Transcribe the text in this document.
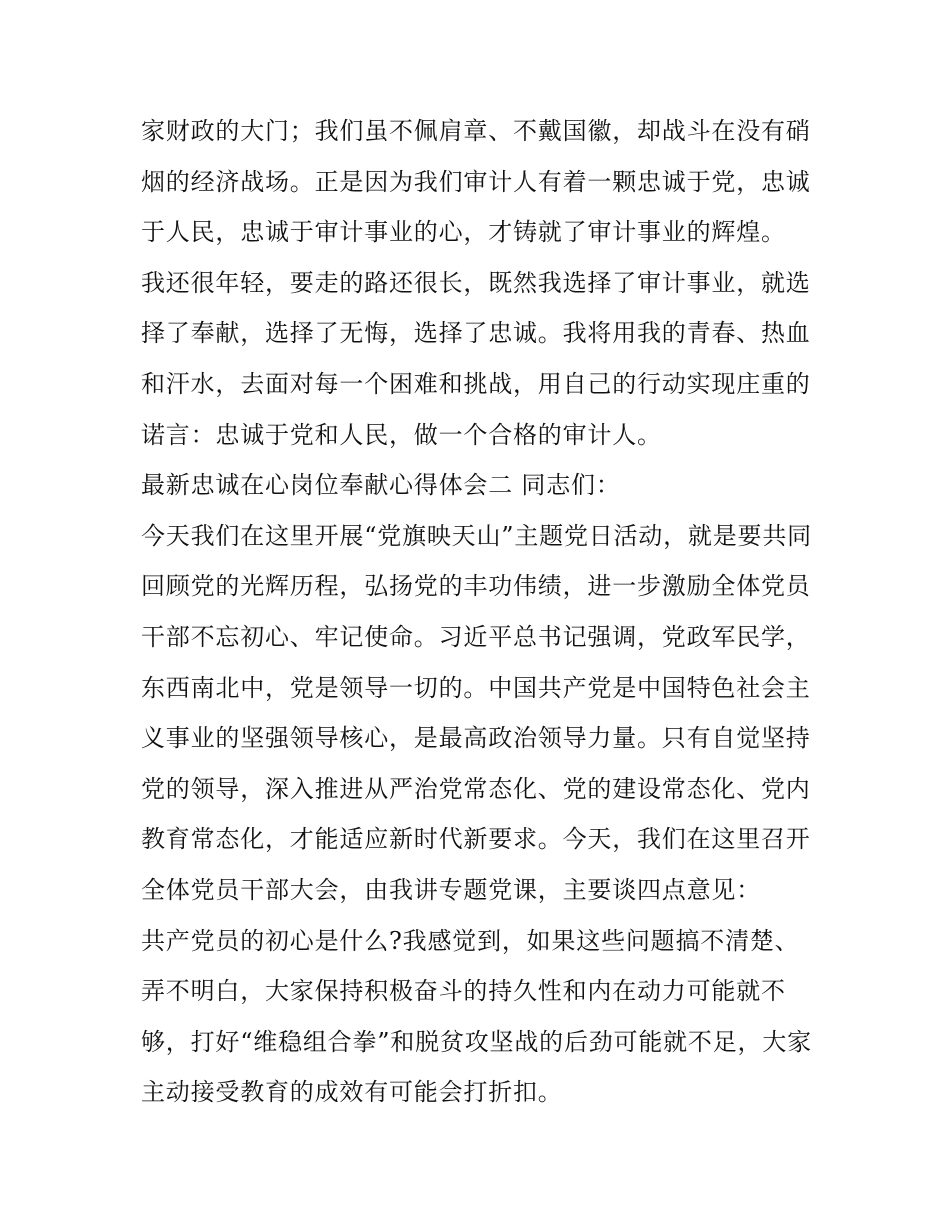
家财政的大门；我们虽不佩肩章、不戴国徽，却战斗在没有硝
烟的经济战场。正是因为我们审计人有着一颗忠诚于党，忠诚
于人民，忠诚于审计事业的心，才铸就了审计事业的辉煌。
我还很年轻，要走的路还很长，既然我选择了审计事业，就选
择了奉献，选择了无悔，选择了忠诚。我将用我的青春、热血
和汗水，去面对每一个困难和挑战，用自己的行动实现庄重的
诺言：忠诚于党和人民，做一个合格的审计人。
最新忠诚在心岗位奉献心得体会二 同志们：
今天我们在这里开展“党旗映天山”主题党日活动，就是要共同
回顾党的光辉历程，弘扬党的丰功伟绩，进一步激励全体党员
干部不忘初心、牢记使命。习近平总书记强调，党政军民学，
东西南北中，党是领导一切的。中国共产党是中国特色社会主
义事业的坚强领导核心，是最高政治领导力量。只有自觉坚持
党的领导，深入推进从严治党常态化、党的建设常态化、党内
教育常态化，才能适应新时代新要求。今天，我们在这里召开
全体党员干部大会，由我讲专题党课，主要谈四点意见：
共产党员的初心是什么?我感觉到，如果这些问题搞不清楚、
弄不明白，大家保持积极奋斗的持久性和内在动力可能就不
够，打好“维稳组合拳”和脱贫攻坚战的后劲可能就不足，大家
主动接受教育的成效有可能会打折扣。
